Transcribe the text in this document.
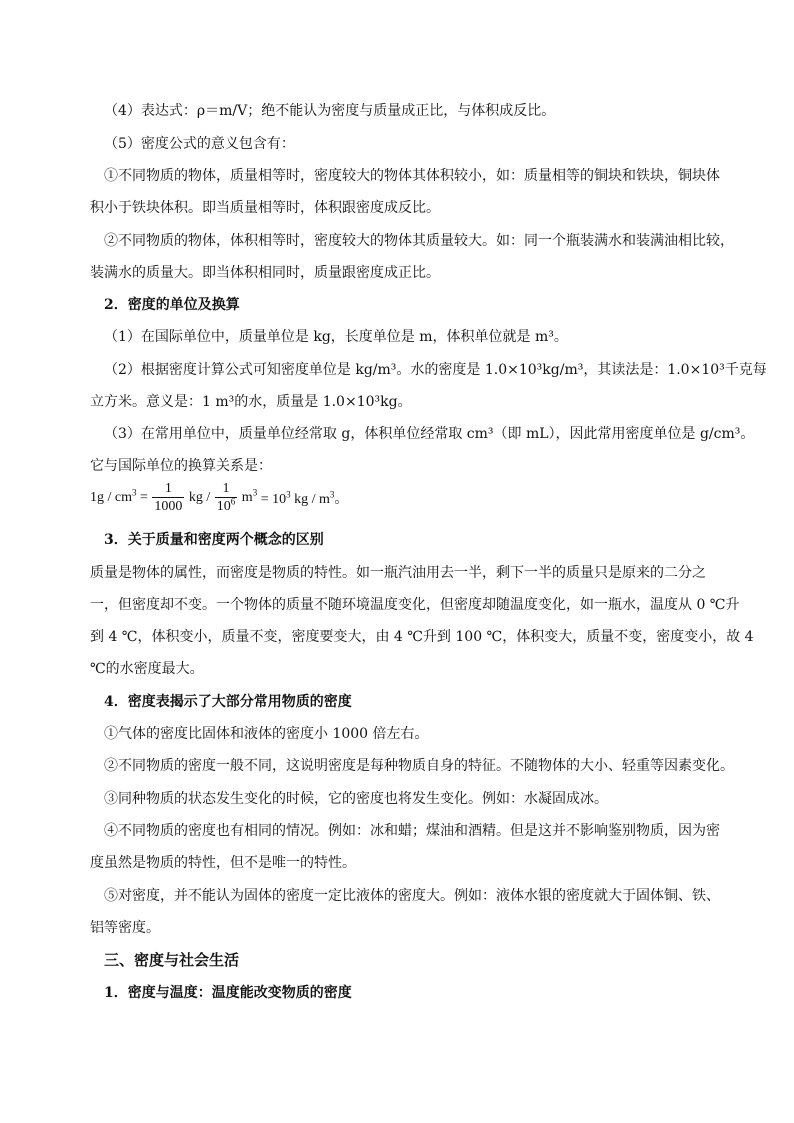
（4）表达式：ρ＝m/V；绝不能认为密度与质量成正比，与体积成反比。
（5）密度公式的意义包含有：
①不同物质的物体，质量相等时，密度较大的物体其体积较小，如：质量相等的铜块和铁块，铜块体
积小于铁块体积。即当质量相等时，体积跟密度成反比。
②不同物质的物体，体积相等时，密度较大的物体其质量较大。如：同一个瓶装满水和装满油相比较，
装满水的质量大。即当体积相同时，质量跟密度成正比。
2．密度的单位及换算
（1）在国际单位中，质量单位是 kg，长度单位是 m，体积单位就是 m³。
（2）根据密度计算公式可知密度单位是 kg/m³。水的密度是 1.0×10³kg/m³，其读法是：1.0×10³千克每
立方米。意义是：1 m³的水，质量是 1.0×10³kg。
（3）在常用单位中，质量单位经常取 g，体积单位经常取 cm³（即 mL），因此常用密度单位是 g/cm³。
它与国际单位的换算关系是：
$1g / cm^3 = \frac{1}{1000}$ kg / $\frac{1}{10^6} m^3 = 10^3$ kg / $m^3$。
3．关于质量和密度两个概念的区别
质量是物体的属性，而密度是物质的特性。如一瓶汽油用去一半，剩下一半的质量只是原来的二分之
一，但密度却不变。一个物体的质量不随环境温度变化，但密度却随温度变化，如一瓶水，温度从 0 ℃升
到 4 ℃，体积变小，质量不变，密度要变大，由 4 ℃升到 100 ℃，体积变大，质量不变，密度变小，故 4
℃的水密度最大。
4．密度表揭示了大部分常用物质的密度
①气体的密度比固体和液体的密度小 1000 倍左右。
②不同物质的密度一般不同，这说明密度是每种物质自身的特征。不随物体的大小、轻重等因素变化。
③同种物质的状态发生变化的时候，它的密度也将发生变化。例如：水凝固成冰。
④不同物质的密度也有相同的情况。例如：冰和蜡；煤油和酒精。但是这并不影响鉴别物质，因为密
度虽然是物质的特性，但不是唯一的特性。
⑤对密度，并不能认为固体的密度一定比液体的密度大。例如：液体水银的密度就大于固体铜、铁、
铝等密度。
三、密度与社会生活
1．密度与温度：温度能改变物质的密度
